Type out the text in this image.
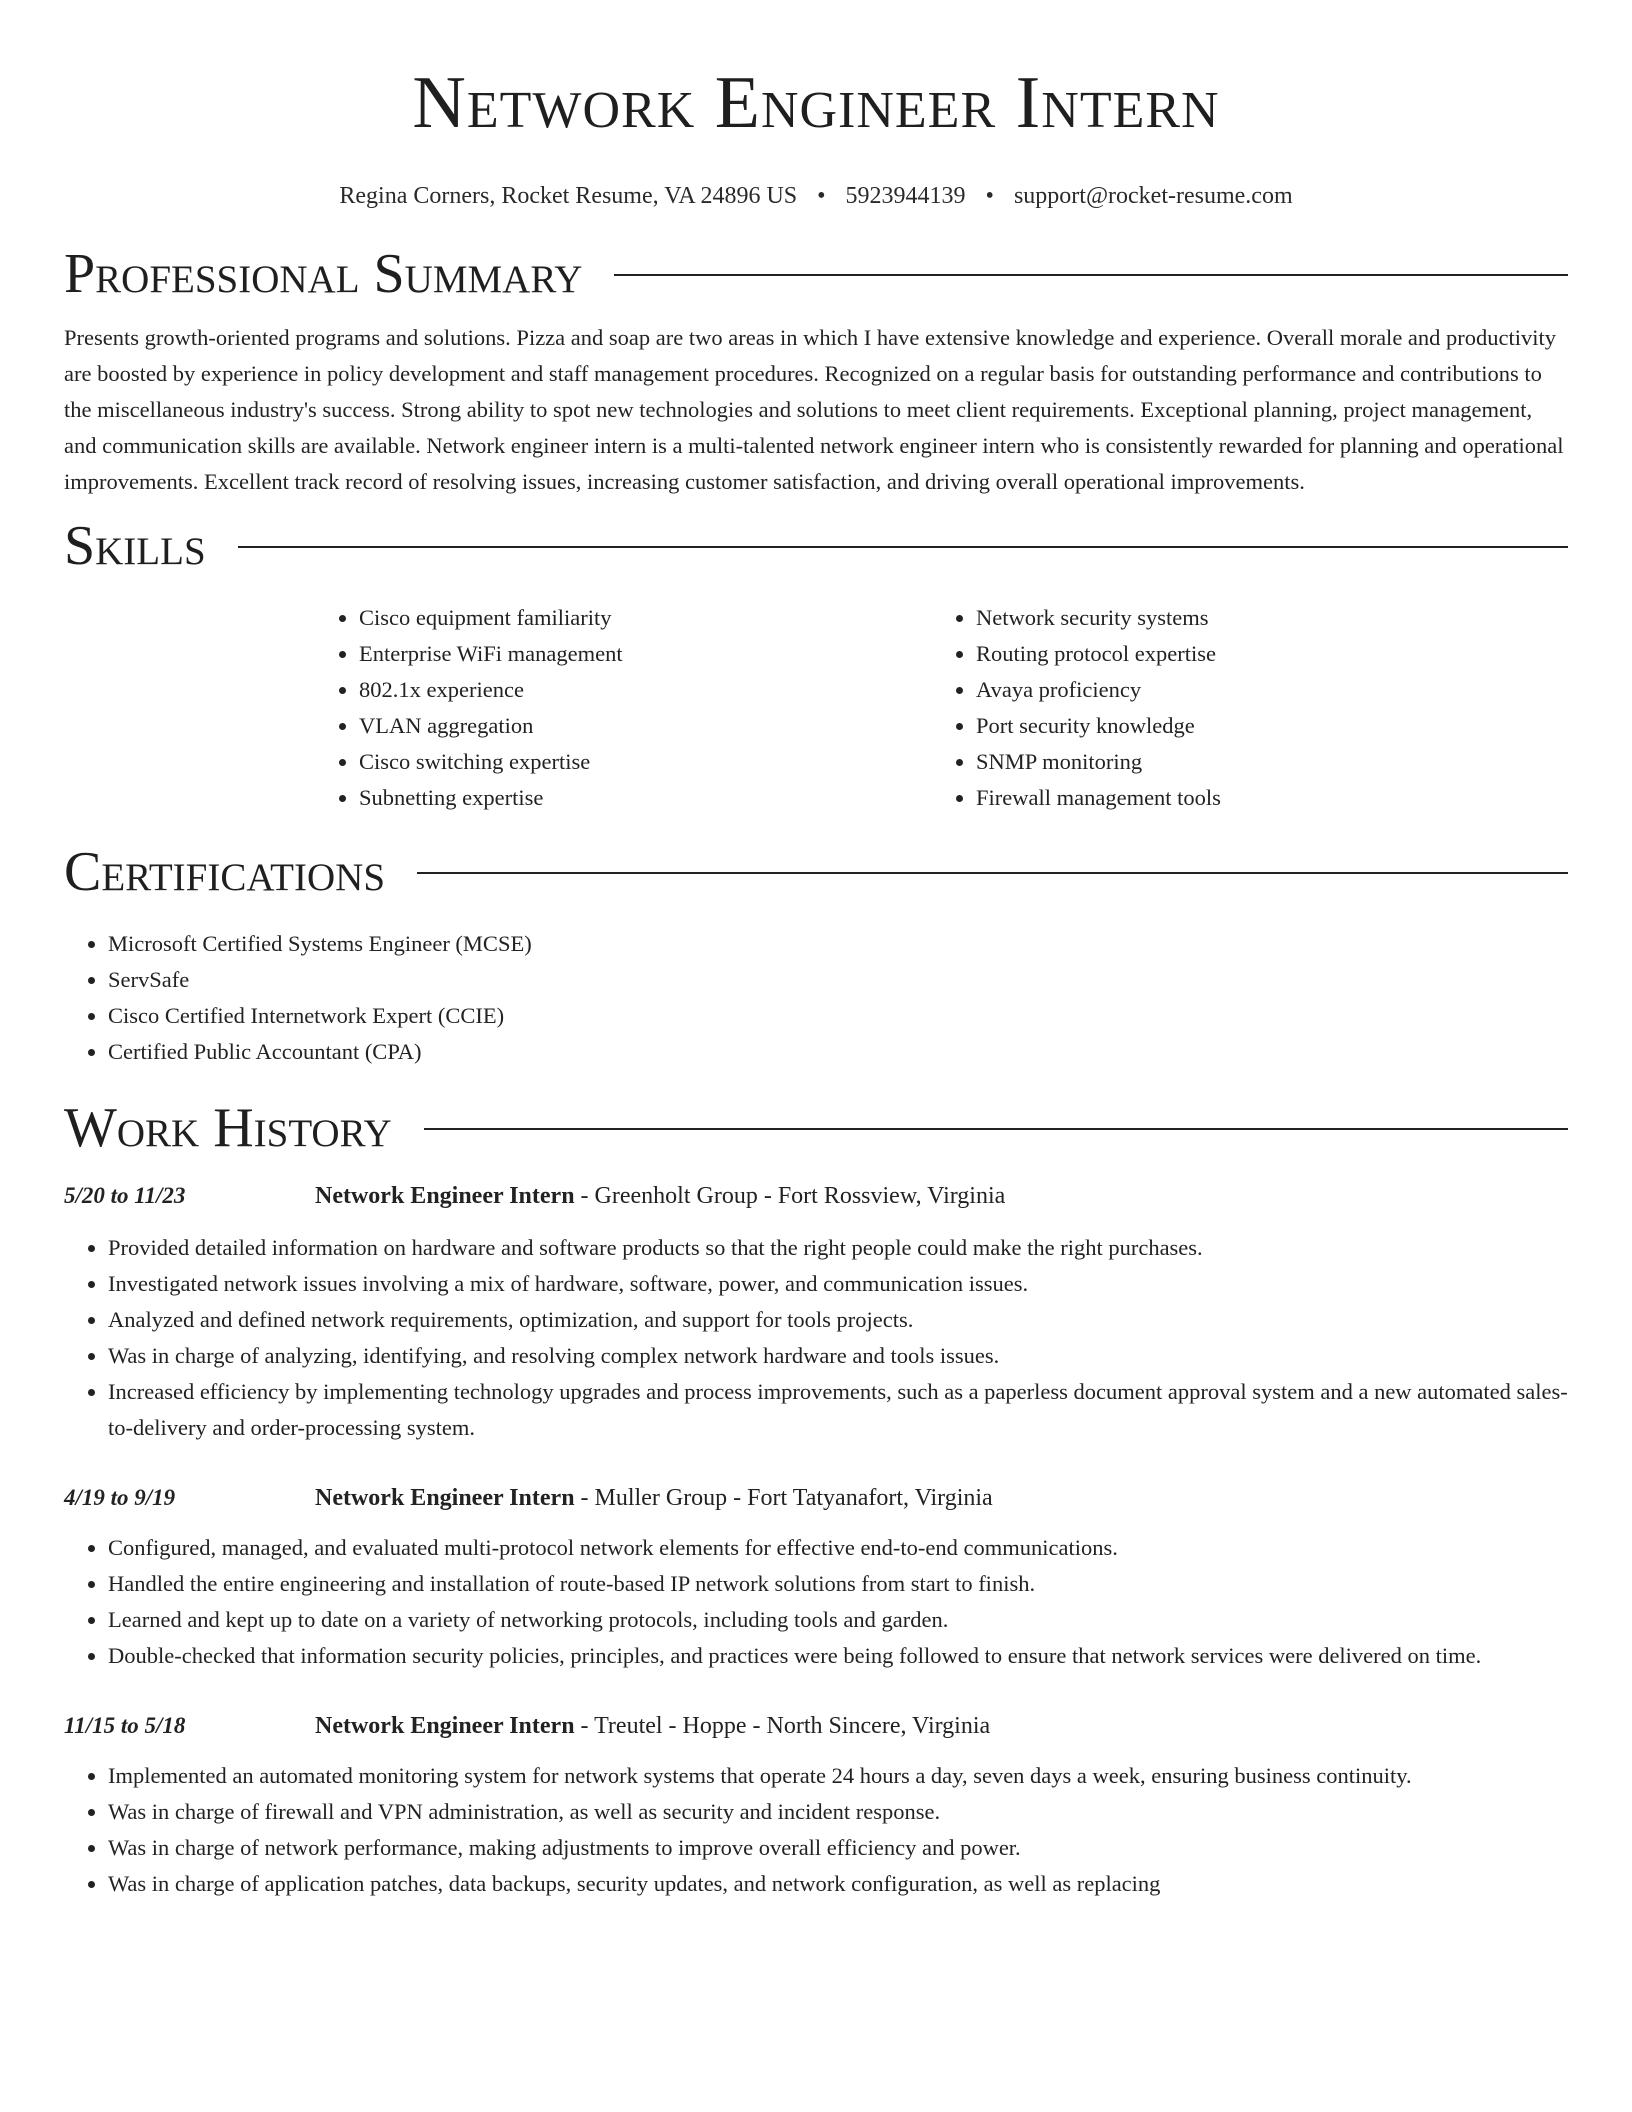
Network Engineer Intern
Regina Corners, Rocket Resume, VA 24896 US • 5923944139 • support@rocket-resume.com
Professional Summary

Presents growth-oriented programs and solutions. Pizza and soap are two areas in which I have extensive knowledge and experience. Overall morale and productivity are boosted by experience in policy development and staff management procedures. Recognized on a regular basis for outstanding performance and contributions to the miscellaneous industry's success. Strong ability to spot new technologies and solutions to meet client requirements. Exceptional planning, project management, and communication skills are available. Network engineer intern is a multi-talented network engineer intern who is consistently rewarded for planning and operational improvements. Excellent track record of resolving issues, increasing customer satisfaction, and driving overall operational improvements.

Skills
• Cisco equipment familiarity
• Enterprise WiFi management
• 802.1x experience
• VLAN aggregation
• Cisco switching expertise
• Subnetting expertise
• Network security systems
• Routing protocol expertise
• Avaya proficiency
• Port security knowledge
• SNMP monitoring
• Firewall management tools
Certifications
• Microsoft Certified Systems Engineer (MCSE)
• ServSafe
• Cisco Certified Internetwork Expert (CCIE)
• Certified Public Accountant (CPA)
Work History
5/20 to 11/23	Network Engineer Intern - Greenholt Group - Fort Rossview, Virginia
• Provided detailed information on hardware and software products so that the right people could make the right purchases.
• Investigated network issues involving a mix of hardware, software, power, and communication issues.
• Analyzed and defined network requirements, optimization, and support for tools projects.
• Was in charge of analyzing, identifying, and resolving complex network hardware and tools issues.
• Increased efficiency by implementing technology upgrades and process improvements, such as a paperless document approval system and a new automated sales-to-delivery and order-processing system.
4/19 to 9/19	Network Engineer Intern - Muller Group - Fort Tatyanafort, Virginia
• Configured, managed, and evaluated multi-protocol network elements for effective end-to-end communications.
• Handled the entire engineering and installation of route-based IP network solutions from start to finish.
• Learned and kept up to date on a variety of networking protocols, including tools and garden.
• Double-checked that information security policies, principles, and practices were being followed to ensure that network services were delivered on time.
11/15 to 5/18	Network Engineer Intern - Treutel - Hoppe - North Sincere, Virginia
• Implemented an automated monitoring system for network systems that operate 24 hours a day, seven days a week, ensuring business continuity.
• Was in charge of firewall and VPN administration, as well as security and incident response.
• Was in charge of network performance, making adjustments to improve overall efficiency and power.
• Was in charge of application patches, data backups, security updates, and network configuration, as well as replacing
